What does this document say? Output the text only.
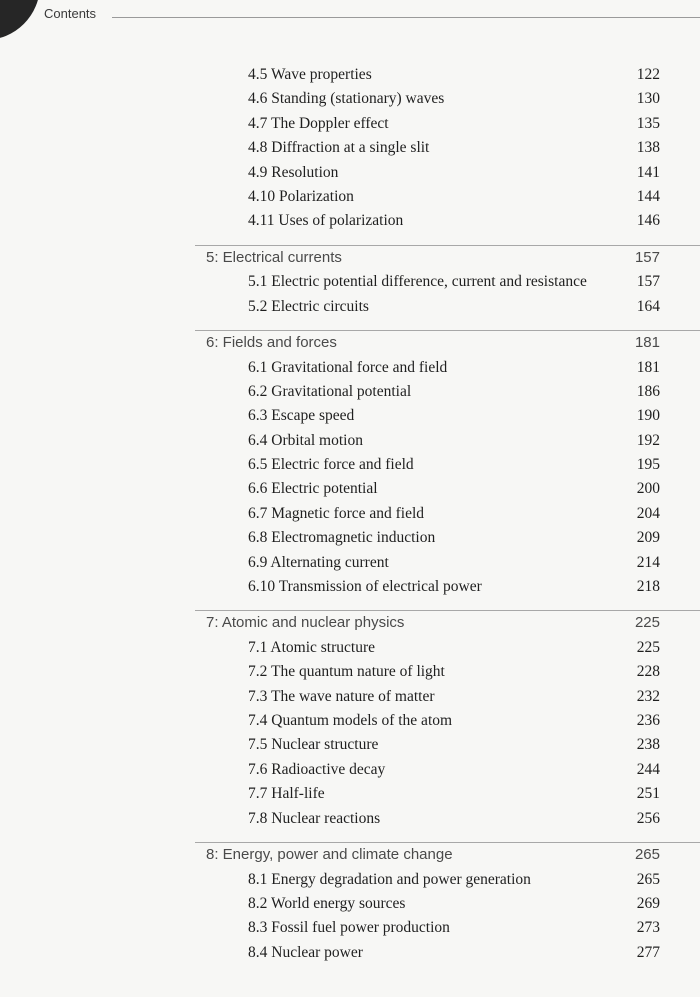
Contents
4.5 Wave properties	122
4.6 Standing (stationary) waves	130
4.7 The Doppler effect	135
4.8 Diffraction at a single slit	138
4.9 Resolution	141
4.10 Polarization	144
4.11 Uses of polarization	146
5: Electrical currents	157
5.1 Electric potential difference, current and resistance	157
5.2 Electric circuits	164
6: Fields and forces	181
6.1 Gravitational force and field	181
6.2 Gravitational potential	186
6.3 Escape speed	190
6.4 Orbital motion	192
6.5 Electric force and field	195
6.6 Electric potential	200
6.7 Magnetic force and field	204
6.8 Electromagnetic induction	209
6.9 Alternating current	214
6.10 Transmission of electrical power	218
7: Atomic and nuclear physics	225
7.1 Atomic structure	225
7.2 The quantum nature of light	228
7.3 The wave nature of matter	232
7.4 Quantum models of the atom	236
7.5 Nuclear structure	238
7.6 Radioactive decay	244
7.7 Half-life	251
7.8 Nuclear reactions	256
8: Energy, power and climate change	265
8.1 Energy degradation and power generation	265
8.2 World energy sources	269
8.3 Fossil fuel power production	273
8.4 Nuclear power	277
